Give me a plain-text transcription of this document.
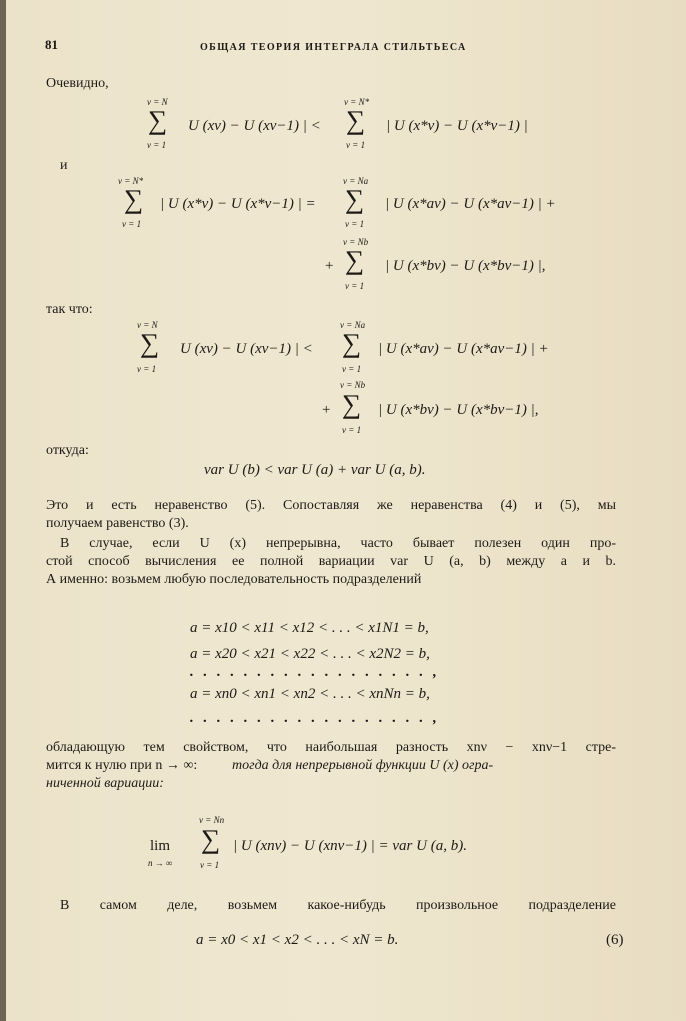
81	ОБЩАЯ ТЕОРИЯ ИНТЕГРАЛА СТИЛЬТЬЕСА
Очевидно,
ν = N
∑
ν = 1
U (xν) − U (xν−1) | <
ν = N*
∑
ν = 1
| U (x*ν) − U (x*ν−1) |
и
ν = N*
∑
ν = 1
| U (x*ν) − U (x*ν−1) | =
ν = Na
∑
ν = 1
| U (x*aν) − U (x*aν−1) | +
+
ν = Nb
∑
ν = 1
| U (x*bν) − U (x*bν−1) |,
так что:
ν = N
∑
ν = 1
U (xν) − U (xν−1) | <
ν = Na
∑
ν = 1
| U (x*aν) − U (x*aν−1) | +
+
ν = Nb
∑
ν = 1
| U (x*bν) − U (x*bν−1) |,
откуда:
var U (b) < var U (a) + var U (a, b).
Это и есть неравенство (5). Сопоставляя же неравенства (4) и (5), мы
получаем равенство (3).
В случае, если U (x) непрерывна, часто бывает полезен один про-
стой способ вычисления ее полной вариации var U (a, b) между a и b.
А именно: возьмем любую последовательность подразделений
a = x10 < x11 < x12 < . . . < x1N1 = b,
a = x20 < x21 < x22 < . . . < x2N2 = b,
. . . . . . . . . . . . . . . . . . ,
a = xn0 < xn1 < xn2 < . . . < xnNn = b,
. . . . . . . . . . . . . . . . . . ,
обладающую тем свойством, что наибольшая разность xnν − xnν−1 стре-
мится к нулю при n → ∞: тогда для непрерывной функции U (x) огра-
ниченной вариации:
lim
n → ∞
ν = Nn
∑
ν = 1
| U (xnν) − U (xnν−1) | = var U (a, b).
В самом деле, возьмем какое-нибудь произвольное подразделение
a = x0 < x1 < x2 < . . . < xN = b.	(6)
